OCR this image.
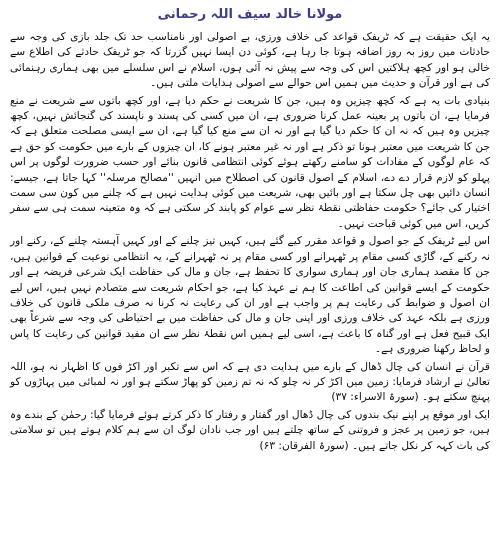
مولانا خالد سیف اللہ رحمانی

یہ ایک حقیقت ہے کہ ٹریفک قواعد کی خلاف ورزی، بے اصولی اور نامناسب حد تک جلد بازی کی وجہ سے حادثات میں روز بہ روز اضافہ ہوتا جا رہا ہے، کوئی دن ایسا نہیں گزرتا کہ جو ٹریفک حادثے کی اطلاع سے خالی ہو اور کچھ ہلاکتیں اس کی وجہ سے پیش نہ آئی ہوں، اسلام نے اس سلسلے میں بھی ہماری رہنمائی کی ہے اور قرآن و حدیث میں ہمیں اس حوالے سے اصولی ہدایات ملتی ہیں۔

بنیادی بات یہ ہے کہ کچھ چیزیں وہ ہیں، جن کا شریعت نے حکم دیا ہے، اور کچھ باتوں سے شریعت نے منع فرمایا ہے، ان باتوں پر بعینہ عمل کرنا ضروری ہے، ان میں کسی کی پسند و ناپسند کی گنجائش نہیں، کچھ چیزیں وہ ہیں کہ نہ ان کا حکم دیا گیا ہے اور نہ ان سے منع کیا گیا ہے، ان سے ایسی مصلحت متعلق ہے کہ جن کا شریعت میں معتبر ہونا تو ذکر ہے اور نہ غیر معتبر ہونے کا، ان چیزوں کے بارے میں حکومت کو حق ہے کہ عام لوگوں کے مفادات کو سامنے رکھتے ہوئے کوئی انتظامی قانون بنائے اور حسب ضرورت لوگوں پر اس پہلو کو لازم قرار دے دے، اسلام کے اصول قانون کی اصطلاح میں انہیں ''مصالح مرسلہ'' کہا جاتا ہے، جیسے: انسان دائیں بھی چل سکتا ہے اور بائیں بھی، شریعت میں کوئی ہدایت نہیں ہے کہ چلنے میں کون سی سمت اختیار کی جائے؟ حکومت حفاظتی نقطۂ نظر سے عوام کو پابند کر سکتی ہے کہ وہ متعینہ سمت ہی سے سفر کریں، اس میں کوئی قباحت نہیں۔

اس لیے ٹریفک کے جو اصول و قواعد مقرر کیے گئے ہیں، کہیں تیز چلنے کے اور کہیں آہستہ چلنے کے، رکنے اور نہ رکنے کے، گاڑی کسی مقام پر ٹھہرانے اور کسی مقام پر نہ ٹھہرانے کے، یہ انتظامی نوعیت کے قوانین ہیں، جن کا مقصد ہماری جان اور ہماری سواری کا تحفظ ہے، جان و مال کی حفاظت ایک شرعی فریضہ ہے اور حکومت کے ایسے قوانین کی اطاعت کا ہم نے عہد کیا ہے، جو احکام شریعت سے متصادم نہیں ہیں، اس لیے ان اصول و ضوابط کی رعایت ہم پر واجب ہے اور ان کی رعایت نہ کرنا نہ صرف ملکی قانون کی خلاف ورزی ہے بلکہ عہد کی خلاف ورزی اور اپنی جان و مال کی حفاظت میں بے احتیاطی کی وجہ سے شرعاً بھی ایک قبیح فعل ہے اور گناہ کا باعث ہے، اسی لیے ہمیں اس نقطۂ نظر سے ان مفید قوانین کی رعایت کا پاس و لحاظ رکھنا ضروری ہے۔

قرآن نے انسان کی چال ڈھال کے بارے میں ہدایت دی ہے کہ اس سے تکبر اور اکڑ فوں کا اظہار نہ ہو، اللہ تعالیٰ نے ارشاد فرمایا: زمین میں اکڑ کر نہ چلو کہ نہ تم زمین کو پھاڑ سکتے ہو اور نہ لمبائی میں پہاڑوں کو پہنچ سکتے ہو۔ (سورۃ الاسراء: ۳۷)

ایک اور موقع پر اپنے نیک بندوں کی چال ڈھال اور گفتار و رفتار کا ذکر کرتے ہوئے فرمایا گیا: رحمٰن کے بندے وہ ہیں، جو زمین پر عجز و فروتنی کے ساتھ چلتے ہیں اور جب نادان لوگ ان سے ہم کلام ہوتے ہیں تو سلامتی کی بات کہہ کر نکل جاتے ہیں۔ (سورۃ الفرقان: ۶۳)
